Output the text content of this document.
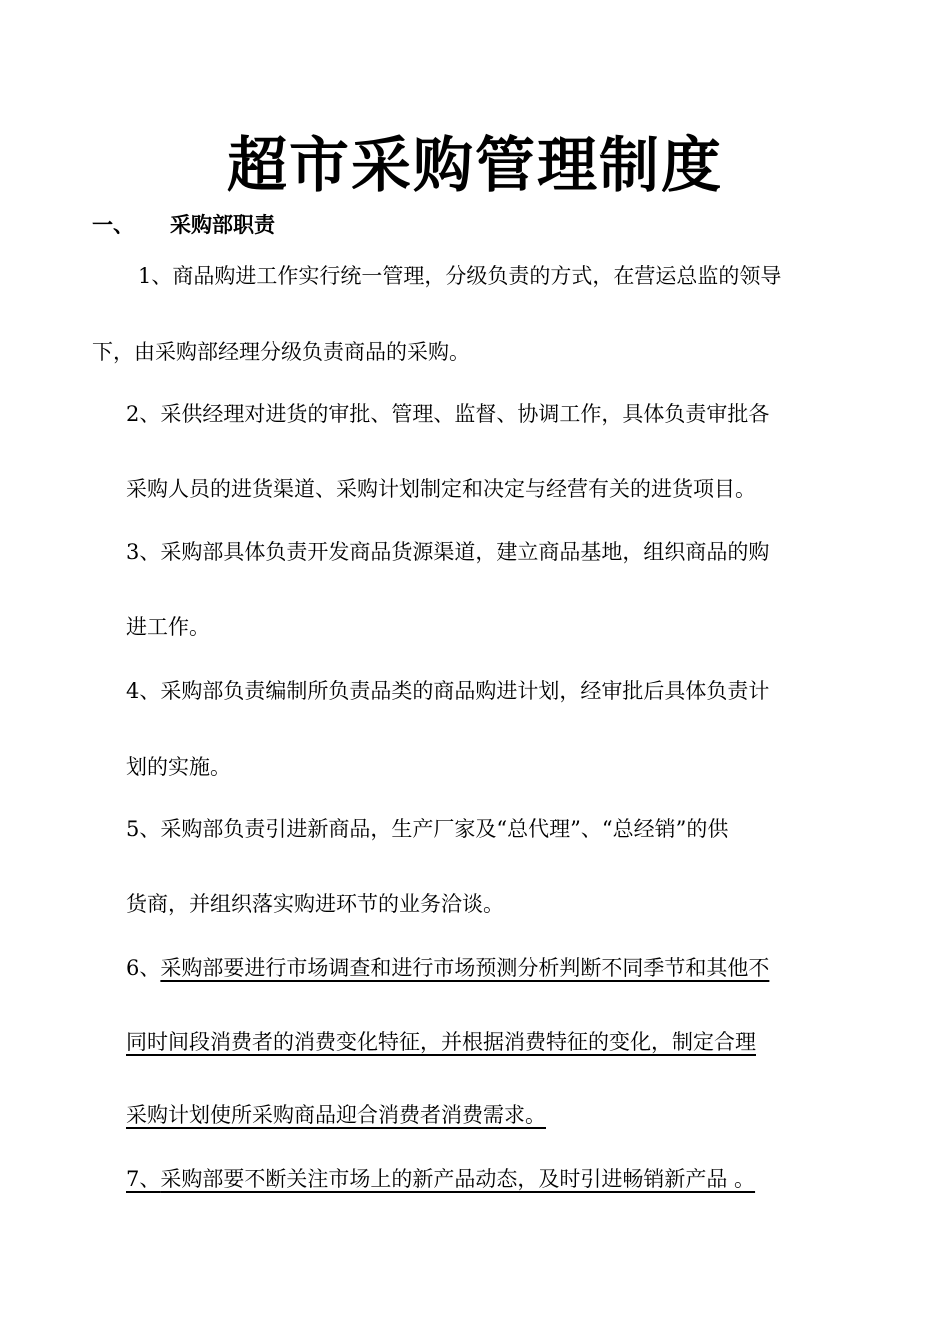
超市采购管理制度
一、 采购部职责
1、商品购进工作实行统一管理，分级负责的方式，在营运总监的领导
下，由采购部经理分级负责商品的采购。
2、采供经理对进货的审批、管理、监督、协调工作，具体负责审批各
采购人员的进货渠道、采购计划制定和决定与经营有关的进货项目。
3、采购部具体负责开发商品货源渠道，建立商品基地，组织商品的购
进工作。
4、采购部负责编制所负责品类的商品购进计划，经审批后具体负责计
划的实施。
5、采购部负责引进新商品，生产厂家及“总代理”、“总经销”的供
货商，并组织落实购进环节的业务洽谈。
6、采购部要进行市场调查和进行市场预测分析判断不同季节和其他不
同时间段消费者的消费变化特征，并根据消费特征的变化，制定合理
采购计划使所采购商品迎合消费者消费需求。
7、采购部要不断关注市场上的新产品动态，及时引进畅销新产品 。
